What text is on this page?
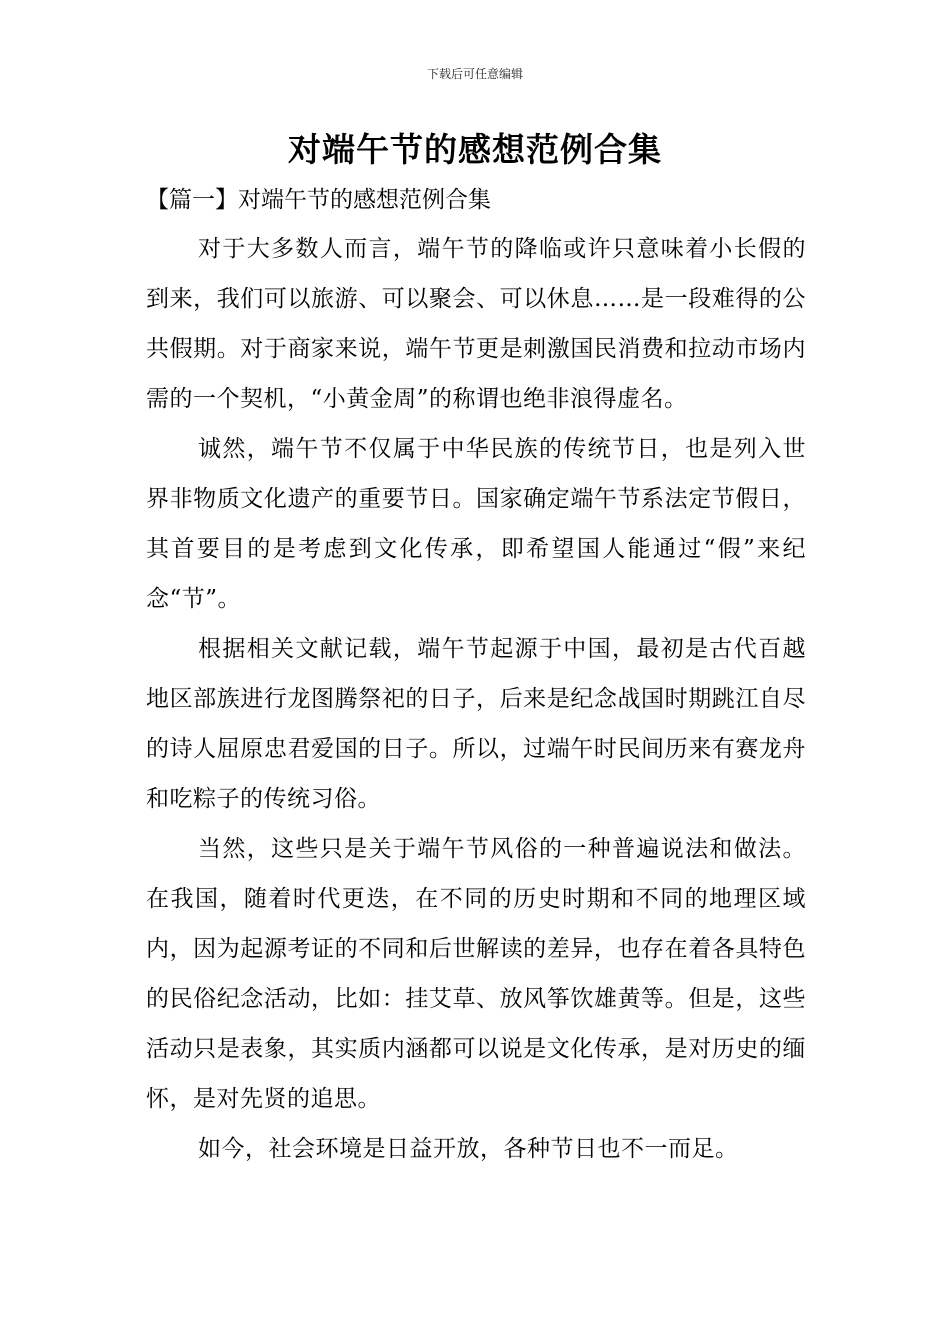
下载后可任意编辑
对端午节的感想范例合集
【篇一】对端午节的感想范例合集

对于大多数人而言，端午节的降临或许只意味着小长假的到来，我们可以旅游、可以聚会、可以休息……是一段难得的公共假期。对于商家来说，端午节更是刺激国民消费和拉动市场内需的一个契机，“小黄金周”的称谓也绝非浪得虚名。

诚然，端午节不仅属于中华民族的传统节日，也是列入世界非物质文化遗产的重要节日。国家确定端午节系法定节假日，其首要目的是考虑到文化传承，即希望国人能通过“假”来纪念“节”。

根据相关文献记载，端午节起源于中国，最初是古代百越地区部族进行龙图腾祭祀的日子，后来是纪念战国时期跳江自尽的诗人屈原忠君爱国的日子。所以，过端午时民间历来有赛龙舟和吃粽子的传统习俗。

当然，这些只是关于端午节风俗的一种普遍说法和做法。在我国，随着时代更迭，在不同的历史时期和不同的地理区域内，因为起源考证的不同和后世解读的差异，也存在着各具特色的民俗纪念活动，比如：挂艾草、放风筝饮雄黄等。但是，这些活动只是表象，其实质内涵都可以说是文化传承，是对历史的缅怀，是对先贤的追思。

如今，社会环境是日益开放，各种节日也不一而足。
